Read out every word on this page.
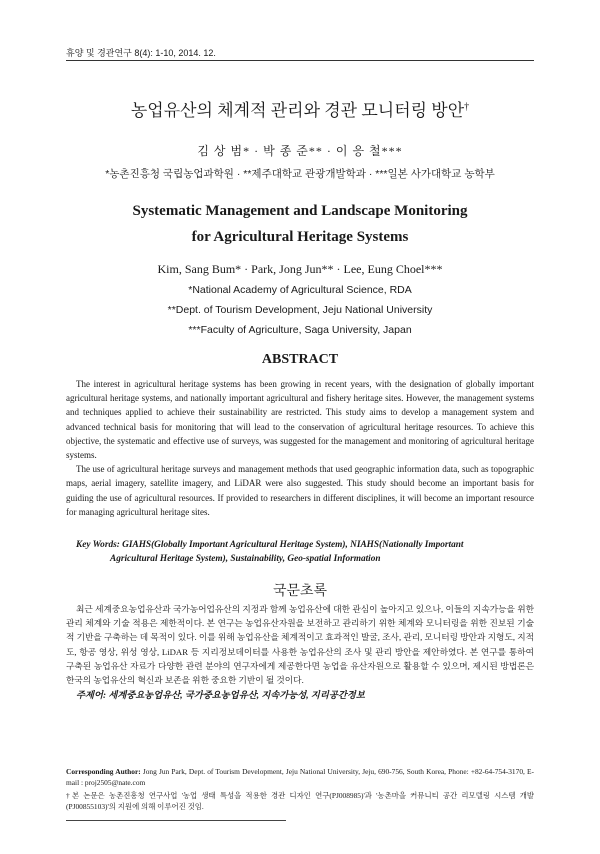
휴양 및 경관연구 8(4): 1-10, 2014. 12.
농업유산의 체계적 관리와 경관 모니터링 방안†
김 상 범* · 박 종 준** · 이 응 철***
*농촌진흥청 국립농업과학원 · **제주대학교 관광개발학과 · ***일본 사가대학교 농학부
Systematic Management and Landscape Monitoring
for Agricultural Heritage Systems
Kim, Sang Bum* · Park, Jong Jun** · Lee, Eung Choel***
*National Academy of Agricultural Science, RDA
**Dept. of Tourism Development, Jeju National University
***Faculty of Agriculture, Saga University, Japan
ABSTRACT

The interest in agricultural heritage systems has been growing in recent years, with the designation of globally important agricultural heritage systems, and nationally important agricultural and fishery heritage sites. However, the management systems and techniques applied to achieve their sustainability are restricted. This study aims to develop a management system and advanced technical basis for monitoring that will lead to the conservation of agricultural heritage resources. To achieve this objective, the systematic and effective use of surveys, was suggested for the management and monitoring of agricultural heritage systems.

The use of agricultural heritage surveys and management methods that used geographic information data, such as topographic maps, aerial imagery, satellite imagery, and LiDAR were also suggested. This study should become an important basis for guiding the use of agricultural resources. If provided to researchers in different disciplines, it will become an important resource for managing agricultural heritage sites.

Key Words: GIAHS(Globally Important Agricultural Heritage System), NIAHS(Nationally Important
Agricultural Heritage System), Sustainability, Geo-spatial Information
국문초록

최근 세계중요농업유산과 국가농어업유산의 지정과 함께 농업유산에 대한 관심이 높아지고 있으나, 이들의 지속가능을 위한 관리 체계와 기술 적용은 제한적이다. 본 연구는 농업유산자원을 보전하고 관리하기 위한 체계와 모니터링을 위한 진보된 기술적 기반을 구축하는 데 목적이 있다. 이를 위해 농업유산을 체계적이고 효과적인 발굴, 조사, 관리, 모니터링 방안과 지형도, 지적도, 항공 영상, 위성 영상, LiDAR 등 지리정보데이터를 사용한 농업유산의 조사 및 관리 방안을 제안하였다. 본 연구를 통하여 구축된 농업유산 자료가 다양한 관련 분야의 연구자에게 제공한다면 농업을 유산자원으로 활용할 수 있으며, 제시된 방법론은 한국의 농업유산의 혁신과 보존을 위한 중요한 기반이 될 것이다.

주제어: 세계중요농업유산, 국가중요농업유산, 지속가능성, 지리공간정보
Corresponding Author: Jong Jun Park, Dept. of Tourism Development, Jeju National University, Jeju, 690-756, South Korea, Phone: +82-64-754-3170, E-mail : proj2505@nate.com
†본 논문은 농촌진흥청 연구사업 '농업 생태 특성을 적용한 경관 디자인 연구(PJ008985)'과 '농촌마을 커뮤니티 공간 리모델링 시스템 개발(PJ00855103)'의 지원에 의해 이루어진 것임.
